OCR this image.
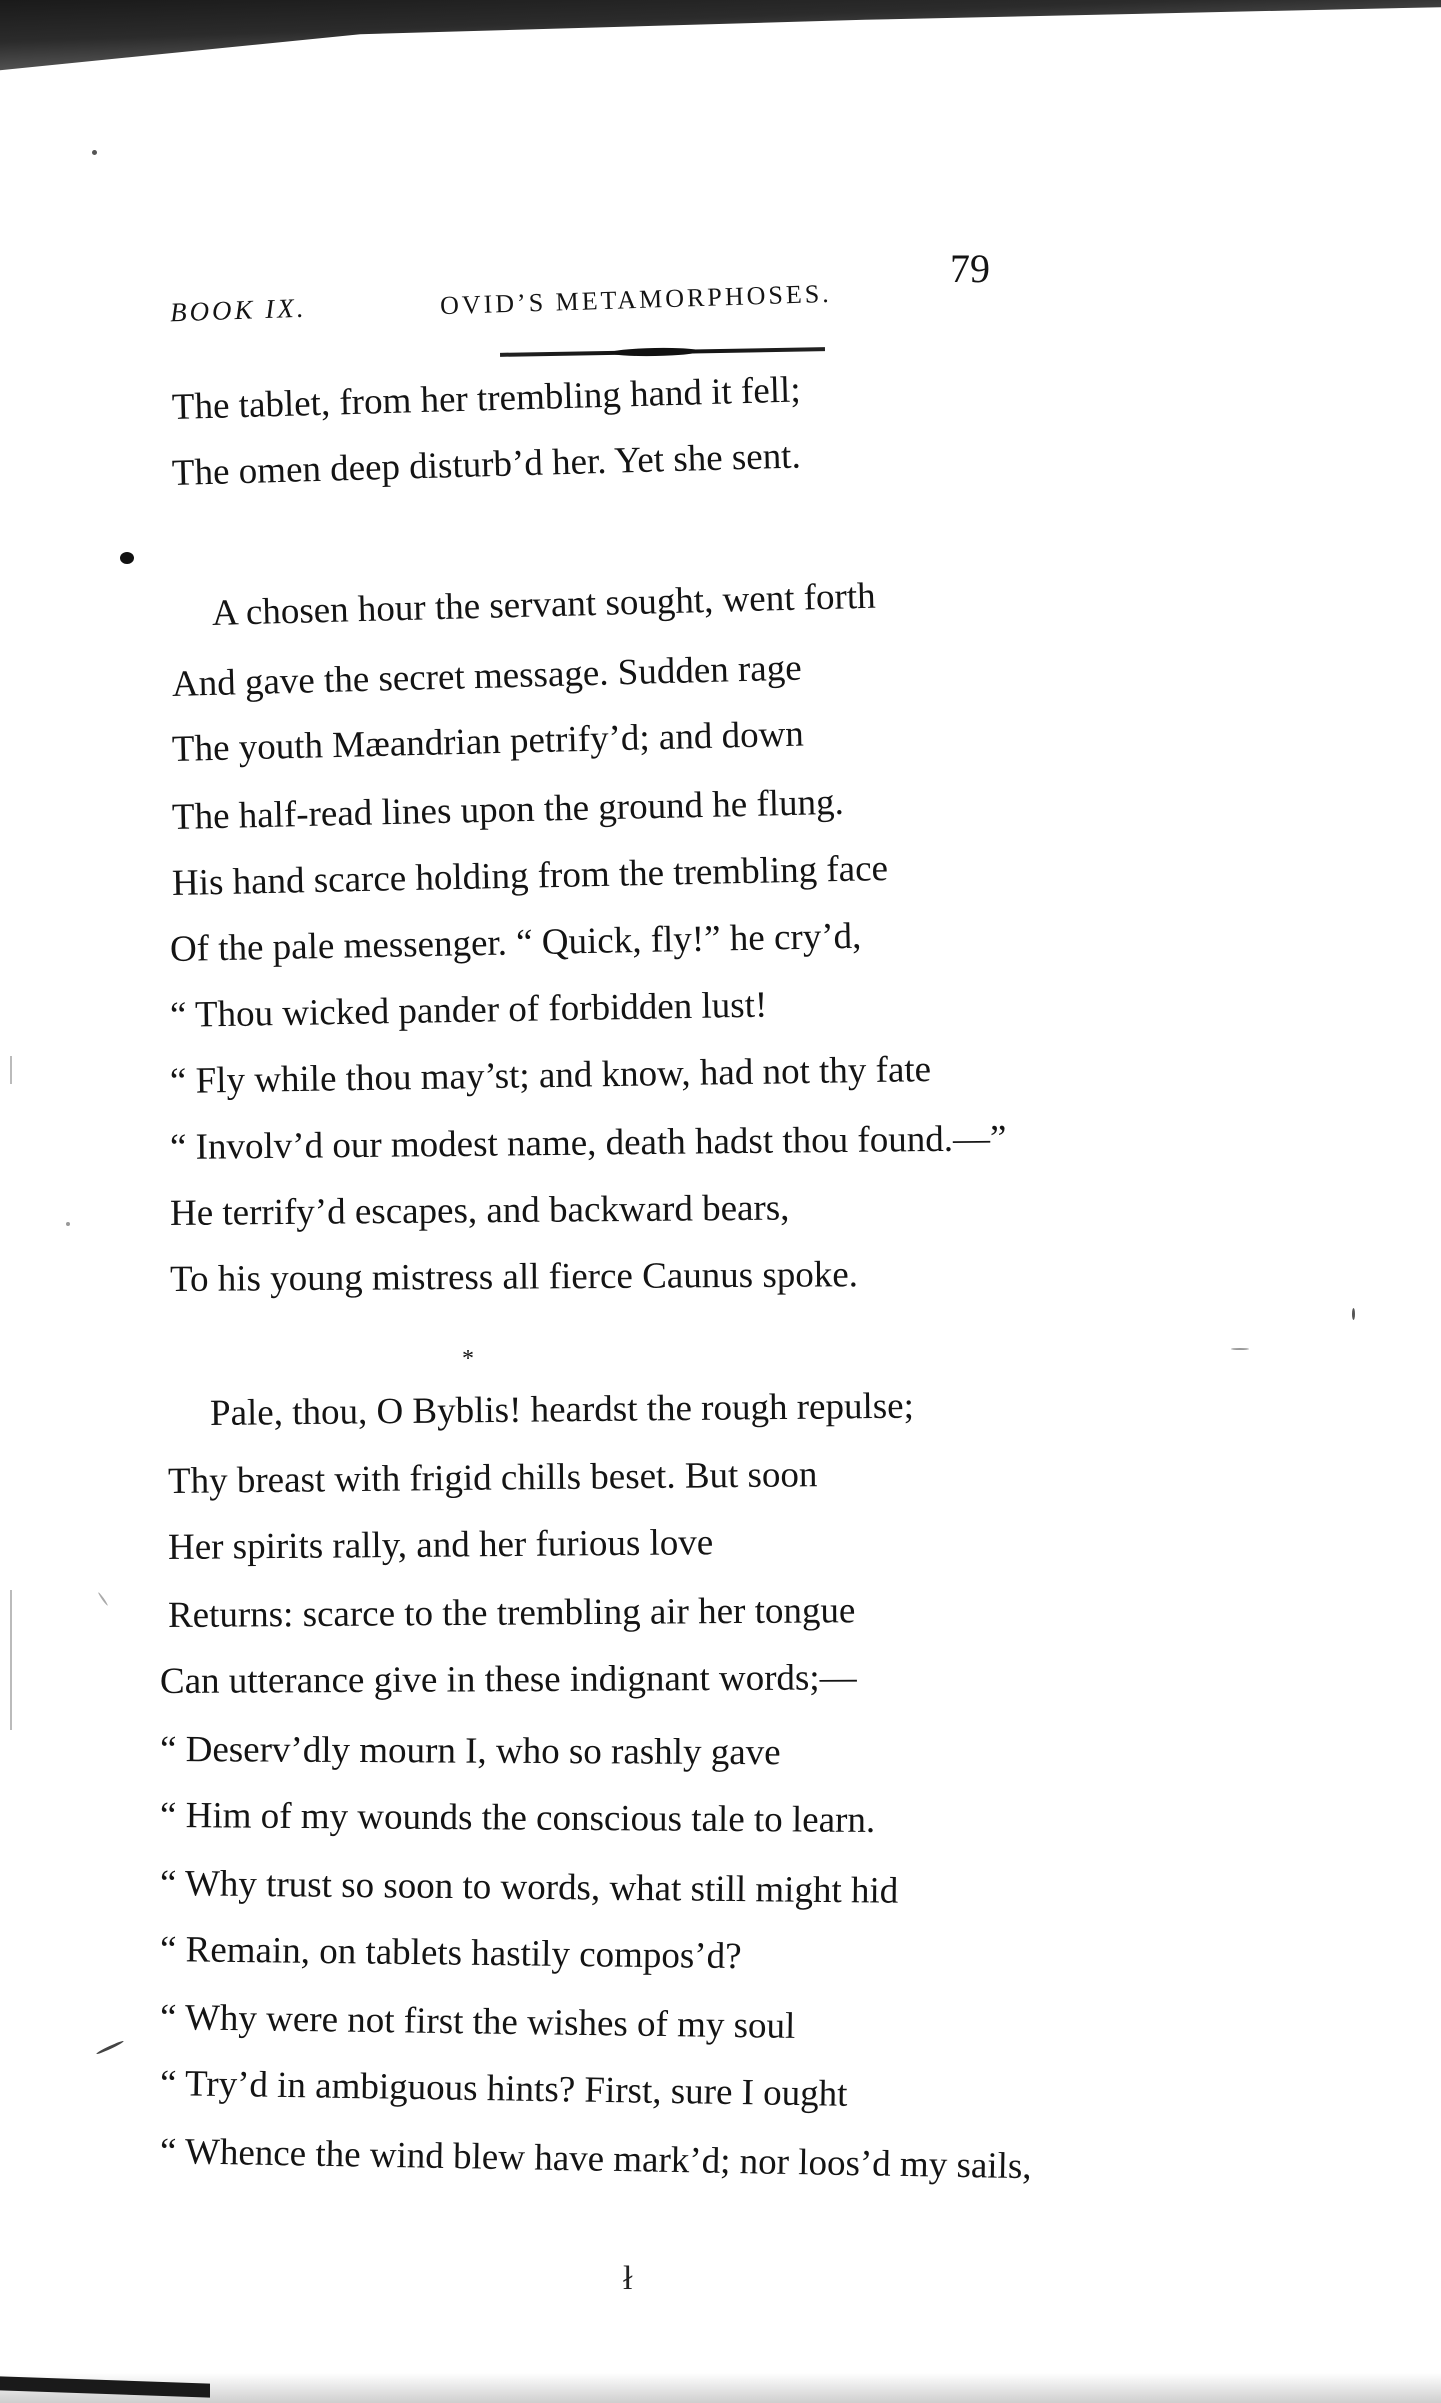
BOOK IX.	OVID’S METAMORPHOSES.
79
The tablet, from her trembling hand it fell;
The omen deep disturb’d her. Yet she sent.
A chosen hour the servant sought, went forth
And gave the secret message. Sudden rage
The youth Mæandrian petrify’d; and down
The half-read lines upon the ground he flung.
His hand scarce holding from the trembling face
Of the pale messenger. “ Quick, fly!” he cry’d,
“ Thou wicked pander of forbidden lust!
“ Fly while thou may’st; and know, had not thy fate
“ Involv’d our modest name, death hadst thou found.—”
He terrify’d escapes, and backward bears,
To his young mistress all fierce Caunus spoke.
*
Pale, thou, O Byblis! heardst the rough repulse;
Thy breast with frigid chills beset. But soon
Her spirits rally, and her furious love
Returns: scarce to the trembling air her tongue
Can utterance give in these indignant words;—
“ Deserv’dly mourn I, who so rashly gave
“ Him of my wounds the conscious tale to learn.
“ Why trust so soon to words, what still might hid
“ Remain, on tablets hastily compos’d?
“ Why were not first the wishes of my soul
“ Try’d in ambiguous hints? First, sure I ought
“ Whence the wind blew have mark’d; nor loos’d my sails,
ł
